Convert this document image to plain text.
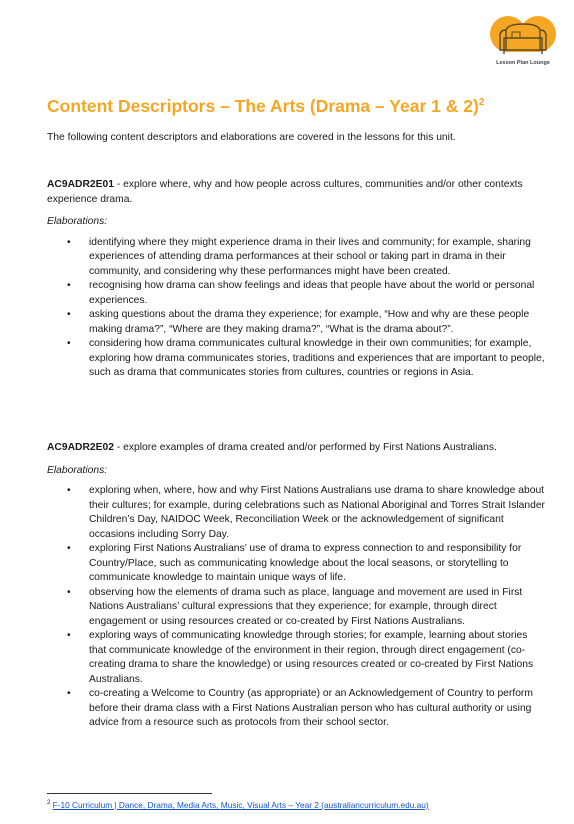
Lesson Plan Lounge
Content Descriptors – The Arts (Drama – Year 1 & 2)$^2$

The following content descriptors and elaborations are covered in the lessons for this unit.

AC9ADR2E01 - explore where, why and how people across cultures, communities and/or other contexts experience drama.

Elaborations:

• identifying where they might experience drama in their lives and community; for example, sharing experiences of attending drama performances at their school or taking part in drama in their community, and considering why these performances might have been created.
• recognising how drama can show feelings and ideas that people have about the world or personal experiences.
• asking questions about the drama they experience; for example, “How and why are these people making drama?”, “Where are they making drama?”, “What is the drama about?”.
• considering how drama communicates cultural knowledge in their own communities; for example, exploring how drama communicates stories, traditions and experiences that are important to people, such as drama that communicates stories from cultures, countries or regions in Asia.

AC9ADR2E02 - explore examples of drama created and/or performed by First Nations Australians.

Elaborations:

• exploring when, where, how and why First Nations Australians use drama to share knowledge about their cultures; for example, during celebrations such as National Aboriginal and Torres Strait Islander Children’s Day, NAIDOC Week, Reconciliation Week or the acknowledgement of significant occasions including Sorry Day.
• exploring First Nations Australians’ use of drama to express connection to and responsibility for Country/Place, such as communicating knowledge about the local seasons, or storytelling to communicate knowledge to maintain unique ways of life.
• observing how the elements of drama such as place, language and movement are used in First Nations Australians’ cultural expressions that they experience; for example, through direct engagement or using resources created or co-created by First Nations Australians.
• exploring ways of communicating knowledge through stories; for example, learning about stories that communicate knowledge of the environment in their region, through direct engagement (co-creating drama to share the knowledge) or using resources created or co-created by First Nations Australians.
• co-creating a Welcome to Country (as appropriate) or an Acknowledgement of Country to perform before their drama class with a First Nations Australian person who has cultural authority or using advice from a resource such as protocols from their school sector.
$^2$ F-10 Curriculum | Dance, Drama, Media Arts, Music, Visual Arts – Year 2 (australiancurriculum.edu.au)
